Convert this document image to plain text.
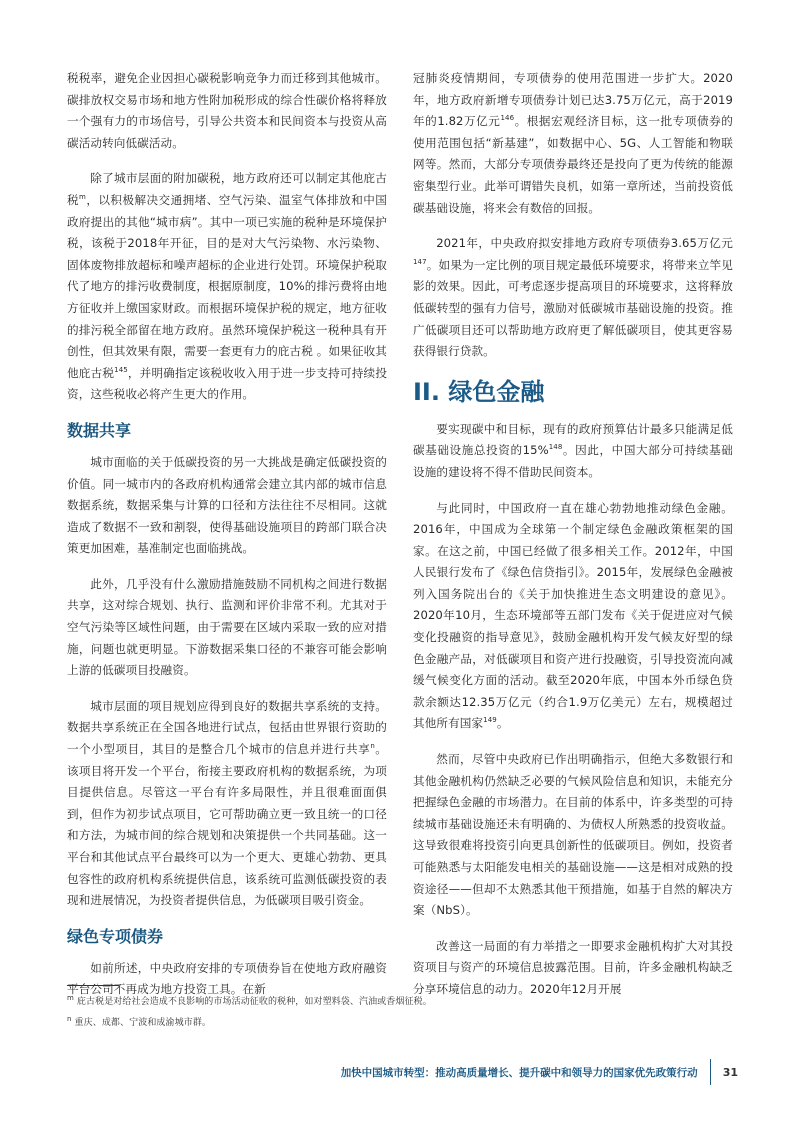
税税率，避免企业因担心碳税影响竞争力而迁移到其他城市。碳排放权交易市场和地方性附加税形成的综合性碳价格将释放一个强有力的市场信号，引导公共资本和民间资本与投资从高碳活动转向低碳活动。

除了城市层面的附加碳税，地方政府还可以制定其他庇古税$^m$，以积极解决交通拥堵、空气污染、温室气体排放和中国政府提出的其他“城市病”。其中一项已实施的税种是环境保护税，该税于2018年开征，目的是对大气污染物、水污染物、固体废物排放超标和噪声超标的企业进行处罚。环境保护税取代了地方的排污收费制度，根据原制度，10%的排污费将由地方征收并上缴国家财政。而根据环境保护税的规定，地方征收的排污税全部留在地方政府。虽然环境保护税这一税种具有开创性，但其效果有限，需要一套更有力的庇古税 。如果征收其他庇古税$^{145}$，并明确指定该税收收入用于进一步支持可持续投资，这些税收必将产生更大的作用。

数据共享

城市面临的关于低碳投资的另一大挑战是确定低碳投资的价值。同一城市内的各政府机构通常会建立其内部的城市信息数据系统，数据采集与计算的口径和方法往往不尽相同。这就造成了数据不一致和割裂，使得基础设施项目的跨部门联合决策更加困难，基准制定也面临挑战。

此外，几乎没有什么激励措施鼓励不同机构之间进行数据共享，这对综合规划、执行、监测和评价非常不利。尤其对于空气污染等区域性问题，由于需要在区域内采取一致的应对措施，问题也就更明显。下游数据采集口径的不兼容可能会影响上游的低碳项目投融资。

城市层面的项目规划应得到良好的数据共享系统的支持。数据共享系统正在全国各地进行试点，包括由世界银行资助的一个小型项目，其目的是整合几个城市的信息并进行共享$^n$。该项目将开发一个平台，衔接主要政府机构的数据系统，为项目提供信息。尽管这一平台有许多局限性，并且很难面面俱到，但作为初步试点项目，它可帮助确立更一致且统一的口径和方法，为城市间的综合规划和决策提供一个共同基础。这一平台和其他试点平台最终可以为一个更大、更雄心勃勃、更具包容性的政府机构系统提供信息，该系统可监测低碳投资的表现和进展情况，为投资者提供信息，为低碳项目吸引资金。

绿色专项债券

如前所述，中央政府安排的专项债券旨在使地方政府融资平台公司不再成为地方投资工具。在新

冠肺炎疫情期间，专项债券的使用范围进一步扩大。2020年，地方政府新增专项债券计划已达3.75万亿元，高于2019年的1.82万亿元$^{146}$。根据宏观经济目标，这一批专项债券的使用范围包括“新基建”，如数据中心、5G、人工智能和物联网等。然而，大部分专项债券最终还是投向了更为传统的能源密集型行业。此举可谓错失良机，如第一章所述，当前投资低碳基础设施，将来会有数倍的回报。

2021年，中央政府拟安排地方政府专项债券3.65万亿元$^{147}$。如果为一定比例的项目规定最低环境要求，将带来立竿见影的效果。因此，可考虑逐步提高项目的环境要求，这将释放低碳转型的强有力信号，激励对低碳城市基础设施的投资。推广低碳项目还可以帮助地方政府更了解低碳项目，使其更容易获得银行贷款。

II. 绿色金融

要实现碳中和目标，现有的政府预算估计最多只能满足低碳基础设施总投资的15%$^{148}$。因此，中国大部分可持续基础设施的建设将不得不借助民间资本。

与此同时，中国政府一直在雄心勃勃地推动绿色金融。2016年，中国成为全球第一个制定绿色金融政策框架的国家。在这之前，中国已经做了很多相关工作。2012年，中国人民银行发布了《绿色信贷指引》。2015年，发展绿色金融被列入国务院出台的《关于加快推进生态文明建设的意见》。2020年10月，生态环境部等五部门发布《关于促进应对气候变化投融资的指导意见》，鼓励金融机构开发气候友好型的绿色金融产品，对低碳项目和资产进行投融资，引导投资流向减缓气候变化方面的活动。截至2020年底，中国本外币绿色贷款余额达12.35万亿元（约合1.9万亿美元）左右，规模超过其他所有国家$^{149}$。

然而，尽管中央政府已作出明确指示，但绝大多数银行和其他金融机构仍然缺乏必要的气候风险信息和知识，未能充分把握绿色金融的市场潜力。在目前的体系中，许多类型的可持续城市基础设施还未有明确的、为债权人所熟悉的投资收益。这导致很难将投资引向更具创新性的低碳项目。例如，投资者可能熟悉与太阳能发电相关的基础设施——这是相对成熟的投资途径——但却不太熟悉其他干预措施，如基于自然的解决方案（NbS）。

改善这一局面的有力举措之一即要求金融机构扩大对其投资项目与资产的环境信息披露范围。目前，许多金融机构缺乏分享环境信息的动力。2020年12月开展

$^m$ 庇古税是对给社会造成不良影响的市场活动征收的税种，如对塑料袋、汽油或香烟征税。

$^n$ 重庆、成都、宁波和成渝城市群。

加快中国城市转型：推动高质量增长、提升碳中和领导力的国家优先政策行动 31
